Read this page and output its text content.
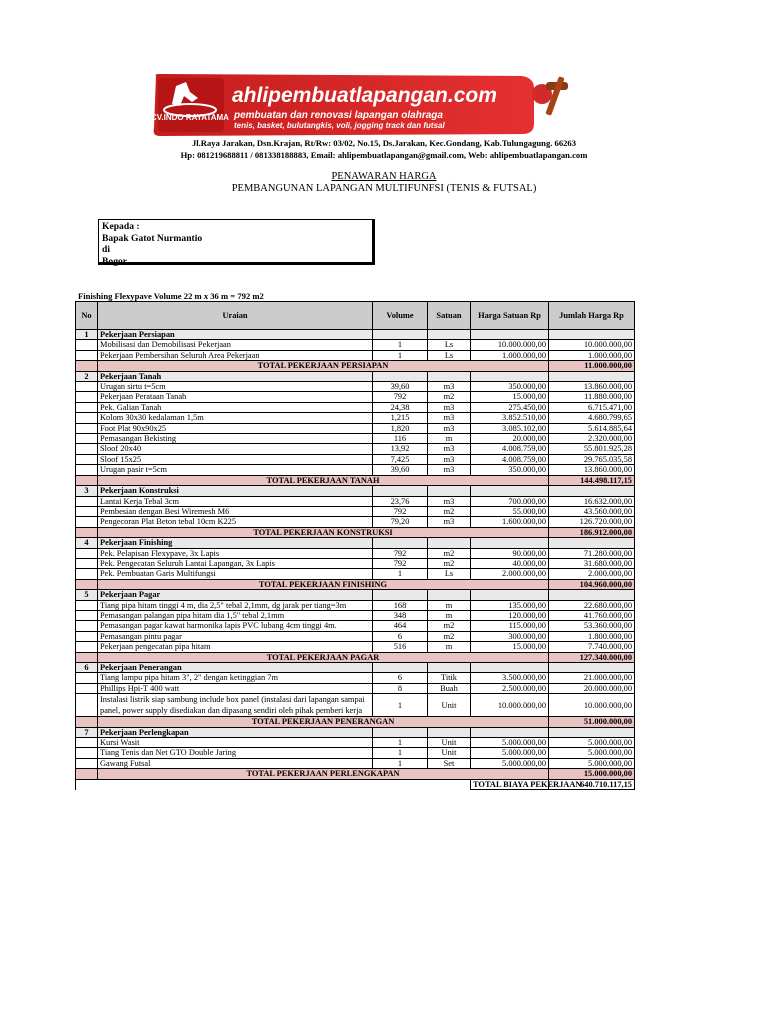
CV.INDO RAYATAMA
ahlipembuatlapangan.com
pembuatan dan renovasi lapangan olahraga
tenis, basket, bulutangkis, voli, jogging track dan futsal
Jl.Raya Jarakan, Dsn.Krajan, Rt/Rw: 03/02, No.15, Ds.Jarakan, Kec.Gondang, Kab.Tulungagung. 66263
Hp: 081219688811 / 081338188883, Email: ahlipembuatlapangan@gmail.com, Web: ahlipembuatlapangan.com
PENAWARAN HARGA
PEMBANGUNAN LAPANGAN MULTIFUNFSI (TENIS & FUTSAL)
Kepada :
Bapak Gatot Nurmantio
di
Bogor
Finishing Flexypave Volume 22 m x 36 m = 792 m2
No	Uraian	Volume	Satuan	Harga Satuan Rp	Jumlah Harga Rp
1	Pekerjaan Persiapan				
	Mobilisasi dan Demobilisasi Pekerjaan	1	Ls	10.000.000,00	10.000.000,00
	Pekerjaan Pembersihan Seluruh Area Pekerjaan	1	Ls	1.000.000,00	1.000.000,00
	TOTAL PEKERJAAN PERSIAPAN				11.000.000,00
2	Pekerjaan Tanah				
	Urugan sirtu t=5cm	39,60	m3	350.000,00	13.860.000,00
	Pekerjaan Perataan Tanah	792	m2	15.000,00	11.880.000,00
	Pek. Galian Tanah	24,38	m3	275.450,00	6.715.471,00
	Kolom 30x30 kedalaman 1,5m	1,215	m3	3.852.510,00	4.680.799,65
	Foot Plat 90x90x25	1,820	m3	3.085.102,00	5.614.885,64
	Pemasangan Bekisting	116	m	20.000,00	2.320.000,00
	Sloof 20x40	13,92	m3	4.008.759,00	55.801.925,28
	Sloof 15x25	7,425	m3	4.008.759,00	29.765.035,58
	Urugan pasir t=5cm	39,60	m3	350.000,00	13.860.000,00
	TOTAL PEKERJAAN TANAH				144.498.117,15
3	Pekerjaan Konstruksi				
	Lantai Kerja Tebal 3cm	23,76	m3	700.000,00	16.632.000,00
	Pembesian dengan Besi Wiremesh M6	792	m2	55.000,00	43.560.000,00
	Pengecoran Plat Beton tebal 10cm K225	79,20	m3	1.600.000,00	126.720.000,00
	TOTAL PEKERJAAN KONSTRUKSI				186.912.000,00
4	Pekerjaan Finishing				
	Pek. Pelapisan Flexypave, 3x Lapis	792	m2	90.000,00	71.280.000,00
	Pek. Pengecatan Seluruh Lantai Lapangan, 3x Lapis	792	m2	40.000,00	31.680.000,00
	Pek. Pembuatan Garis Multifungsi	1	Ls	2.000.000,00	2.000.000,00
	TOTAL PEKERJAAN FINISHING				104.960.000,00
5	Pekerjaan Pagar				
	Tiang pipa hitam tinggi 4 m, dia 2,5" tebal 2,1mm, dg jarak per tiang=3m	168	m	135.000,00	22.680.000,00
	Pemasangan palangan pipa hitam dia 1,5" tebal 2,1mm	348	m	120.000,00	41.760.000,00
	Pemasangan pagar kawat harmonika lapis PVC lubang 4cm tinggi 4m.	464	m2	115.000,00	53.360.000,00
	Pemasangan pintu pagar	6	m2	300.000,00	1.800.000,00
	Pekerjaan pengecatan pipa hitam	516	m	15.000,00	7.740.000,00
	TOTAL PEKERJAAN PAGAR				127.340.000,00
6	Pekerjaan Penerangan				
	Tiang lampu pipa hitam 3", 2" dengan ketinggian 7m	6	Titik	3.500.000,00	21.000.000,00
	Phillips Hpi-T 400 watt	8	Buah	2.500.000,00	20.000.000,00
	Instalasi listrik siap sambung include box panel (instalasi dari lapangan sampai panel, power supply disediakan dan dipasang sendiri oleh pihak pemberi kerja	1	Unit	10.000.000,00	10.000.000,00
	TOTAL PEKERJAAN PENERANGAN				51.000.000,00
7	Pekerjaan Perlengkapan				
	Kursi Wasit	1	Unit	5.000.000,00	5.000.000,00
	Tiang Tenis dan Net GTO Double Jaring	1	Unit	5.000.000,00	5.000.000,00
	Gawang Futsal	1	Set	5.000.000,00	5.000.000,00
	TOTAL PEKERJAAN PERLENGKAPAN				15.000.000,00
				TOTAL BIAYA PEKERJAAN	640.710.117,15
